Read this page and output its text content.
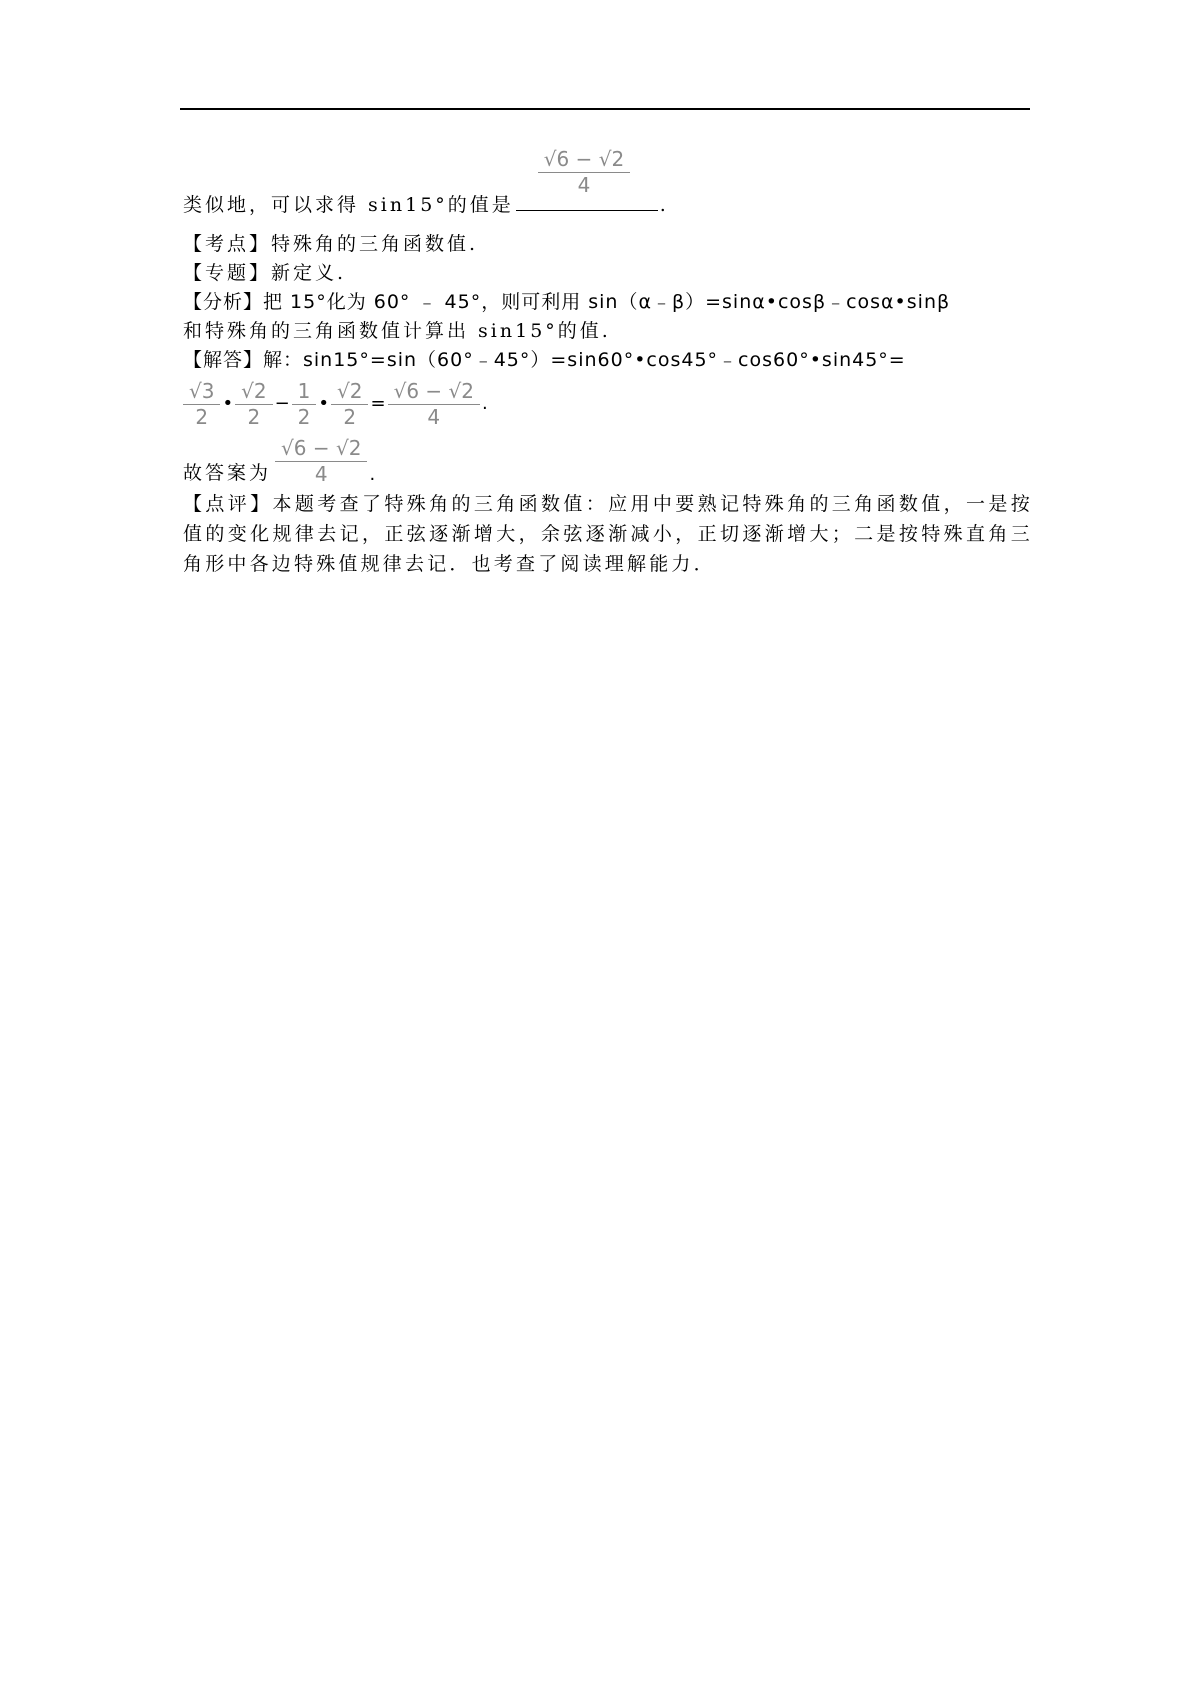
类似地，可以求得 sin15°的值是
√6 − √2
4
.
【考点】特殊角的三角函数值.
【专题】新定义.
【分析】把 15°化为 60° ﹣ 45°，则可利用 sin（α﹣β）=sinα•cosβ﹣cosα•sinβ
和特殊角的三角函数值计算出 sin15°的值.
【解答】解：sin15°=sin（60°﹣45°）=sin60°•cos45°﹣cos60°•sin45°=
$\frac{√3}{2}$ • $\frac{√2}{2} - \frac{1}{2}$ • $\frac{√2}{2} = \frac{√6 - √2}{4}$ .
故答案为 $\frac{√6 - √2}{4}$ .
【点评】本题考查了特殊角的三角函数值：应用中要熟记特殊角的三角函数值，一是按值的变化规律去记，正弦逐渐增大，余弦逐渐减小，正切逐渐增大；二是按特殊直角三角形中各边特殊值规律去记．也考查了阅读理解能力．
